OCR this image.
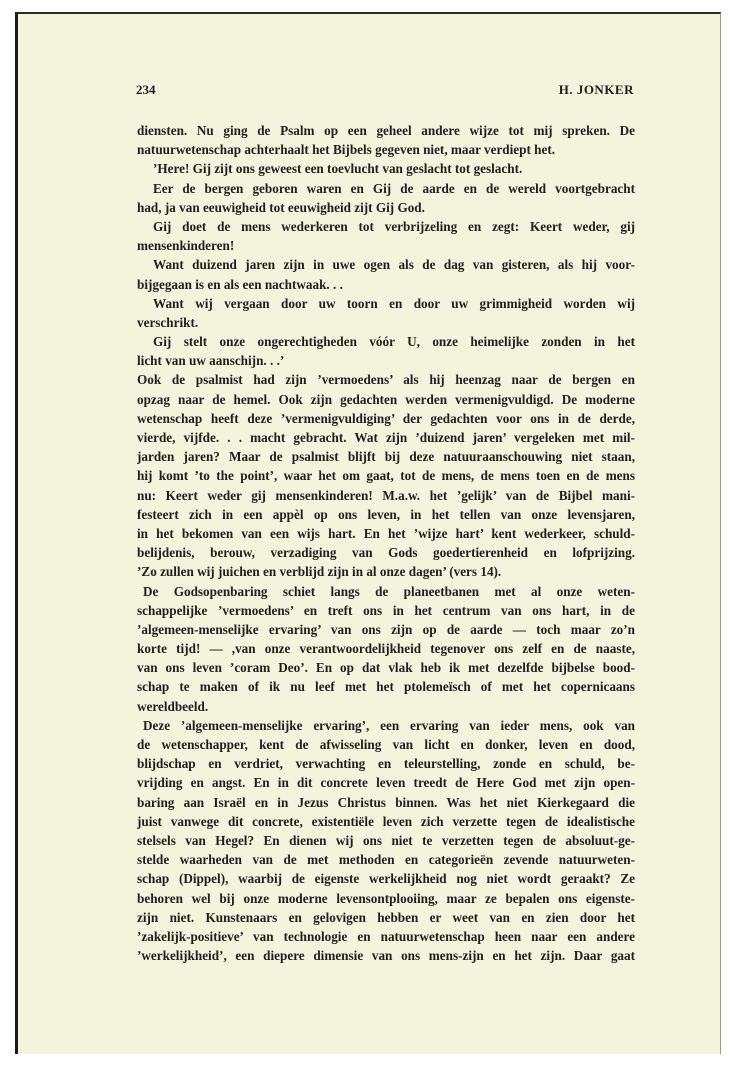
234	H. JONKER
diensten. Nu ging de Psalm op een geheel andere wijze tot mij spreken. De
natuurwetenschap achterhaalt het Bijbels gegeven niet, maar verdiept het.
’Here! Gij zijt ons geweest een toevlucht van geslacht tot geslacht.
Eer de bergen geboren waren en Gij de aarde en de wereld voortgebracht
had, ja van eeuwigheid tot eeuwigheid zijt Gij God.
Gij doet de mens wederkeren tot verbrijzeling en zegt: Keert weder, gij
mensenkinderen!
Want duizend jaren zijn in uwe ogen als de dag van gisteren, als hij voor-
bijgegaan is en als een nachtwaak. . .
Want wij vergaan door uw toorn en door uw grimmigheid worden wij
verschrikt.
Gij stelt onze ongerechtigheden vóór U, onze heimelijke zonden in het
licht van uw aanschijn. . .’
Ook de psalmist had zijn ’vermoedens’ als hij heenzag naar de bergen en
opzag naar de hemel. Ook zijn gedachten werden vermenigvuldigd. De moderne
wetenschap heeft deze ’vermenigvuldiging’ der gedachten voor ons in de derde,
vierde, vijfde. . . macht gebracht. Wat zijn ’duizend jaren’ vergeleken met mil-
jarden jaren? Maar de psalmist blijft bij deze natuuraanschouwing niet staan,
hij komt ’to the point’, waar het om gaat, tot de mens, de mens toen en de mens
nu: Keert weder gij mensenkinderen! M.a.w. het ’gelijk’ van de Bijbel mani-
festeert zich in een appèl op ons leven, in het tellen van onze levensjaren,
in het bekomen van een wijs hart. En het ’wijze hart’ kent wederkeer, schuld-
belijdenis, berouw, verzadiging van Gods goedertierenheid en lofprijzing.
’Zo zullen wij juichen en verblijd zijn in al onze dagen’ (vers 14).
De Godsopenbaring schiet langs de planeetbanen met al onze weten-
schappelijke ’vermoedens’ en treft ons in het centrum van ons hart, in de
’algemeen-menselijke ervaring’ van ons zijn op de aarde — toch maar zo’n
korte tijd! — ,van onze verantwoordelijkheid tegenover ons zelf en de naaste,
van ons leven ’coram Deo’. En op dat vlak heb ik met dezelfde bijbelse bood-
schap te maken of ik nu leef met het ptolemeïsch of met het copernicaans
wereldbeeld.
Deze ’algemeen-menselijke ervaring’, een ervaring van ieder mens, ook van
de wetenschapper, kent de afwisseling van licht en donker, leven en dood,
blijdschap en verdriet, verwachting en teleurstelling, zonde en schuld, be-
vrijding en angst. En in dit concrete leven treedt de Here God met zijn open-
baring aan Israël en in Jezus Christus binnen. Was het niet Kierkegaard die
juist vanwege dit concrete, existentiële leven zich verzette tegen de idealistische
stelsels van Hegel? En dienen wij ons niet te verzetten tegen de absoluut-ge-
stelde waarheden van de met methoden en categorieën zevende natuurweten-
schap (Dippel), waarbij de eigenste werkelijkheid nog niet wordt geraakt? Ze
behoren wel bij onze moderne levensontplooiing, maar ze bepalen ons eigenste-
zijn niet. Kunstenaars en gelovigen hebben er weet van en zien door het
’zakelijk-positieve’ van technologie en natuurwetenschap heen naar een andere
’werkelijkheid’, een diepere dimensie van ons mens-zijn en het zijn. Daar gaat
